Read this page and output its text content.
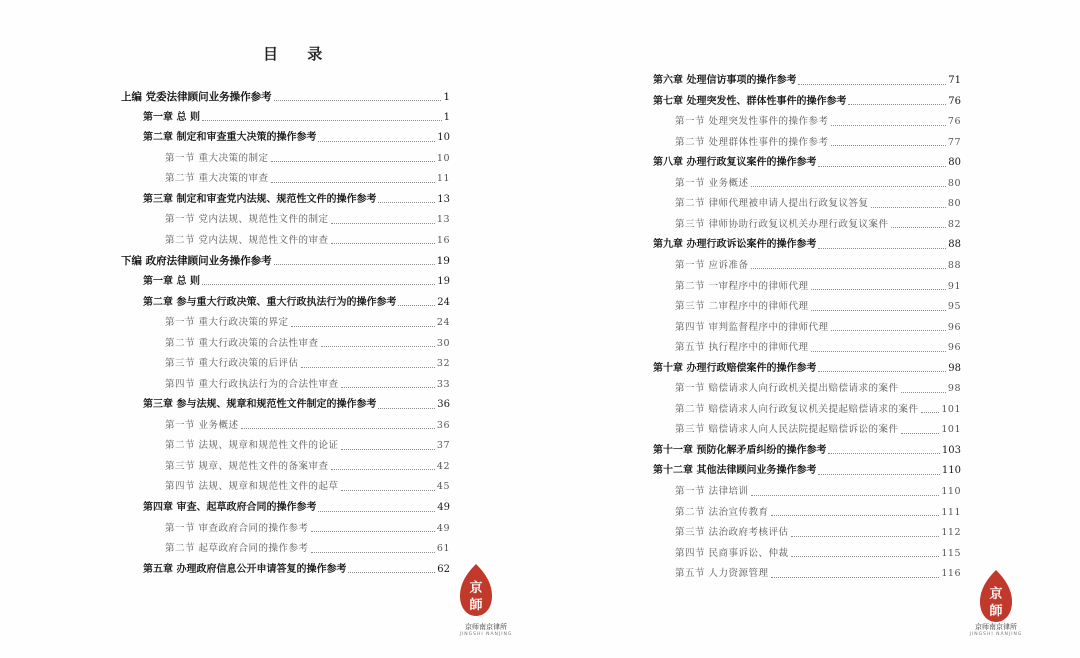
目 录
上编 党委法律顾问业务操作参考	1
第一章 总 则	1
第二章 制定和审查重大决策的操作参考	10
第一节 重大决策的制定	10
第二节 重大决策的审查	11
第三章 制定和审查党内法规、规范性文件的操作参考	13
第一节 党内法规、规范性文件的制定	13
第二节 党内法规、规范性文件的审查	16
下编 政府法律顾问业务操作参考	19
第一章 总 则	19
第二章 参与重大行政决策、重大行政执法行为的操作参考	24
第一节 重大行政决策的界定	24
第二节 重大行政决策的合法性审查	30
第三节 重大行政决策的后评估	32
第四节 重大行政执法行为的合法性审查	33
第三章 参与法规、规章和规范性文件制定的操作参考	36
第一节 业务概述	36
第二节 法规、规章和规范性文件的论证	37
第三节 规章、规范性文件的备案审查	42
第四节 法规、规章和规范性文件的起草	45
第四章 审查、起草政府合同的操作参考	49
第一节 审查政府合同的操作参考	49
第二节 起草政府合同的操作参考	61
第五章 办理政府信息公开申请答复的操作参考	62
京
師
京师南京律所
JINGSHI NANJING
第六章 处理信访事项的操作参考	71
第七章 处理突发性、群体性事件的操作参考	76
第一节 处理突发性事件的操作参考	76
第二节 处理群体性事件的操作参考	77
第八章 办理行政复议案件的操作参考	80
第一节 业务概述	80
第二节 律师代理被申请人提出行政复议答复	80
第三节 律师协助行政复议机关办理行政复议案件	82
第九章 办理行政诉讼案件的操作参考	88
第一节 应诉准备	88
第二节 一审程序中的律师代理	91
第三节 二审程序中的律师代理	95
第四节 审判监督程序中的律师代理	96
第五节 执行程序中的律师代理	96
第十章 办理行政赔偿案件的操作参考	98
第一节 赔偿请求人向行政机关提出赔偿请求的案件	98
第二节 赔偿请求人向行政复议机关提起赔偿请求的案件 101
第三节 赔偿请求人向人民法院提起赔偿诉讼的案件	101
第十一章 预防化解矛盾纠纷的操作参考	103
第十二章 其他法律顾问业务操作参考	110
第一节 法律培训	110
第二节 法治宣传教育	111
第三节 法治政府考核评估	112
第四节 民商事诉讼、仲裁	115
第五节 人力资源管理	116
京
師
京师南京律所
JINGSHI NANJING
